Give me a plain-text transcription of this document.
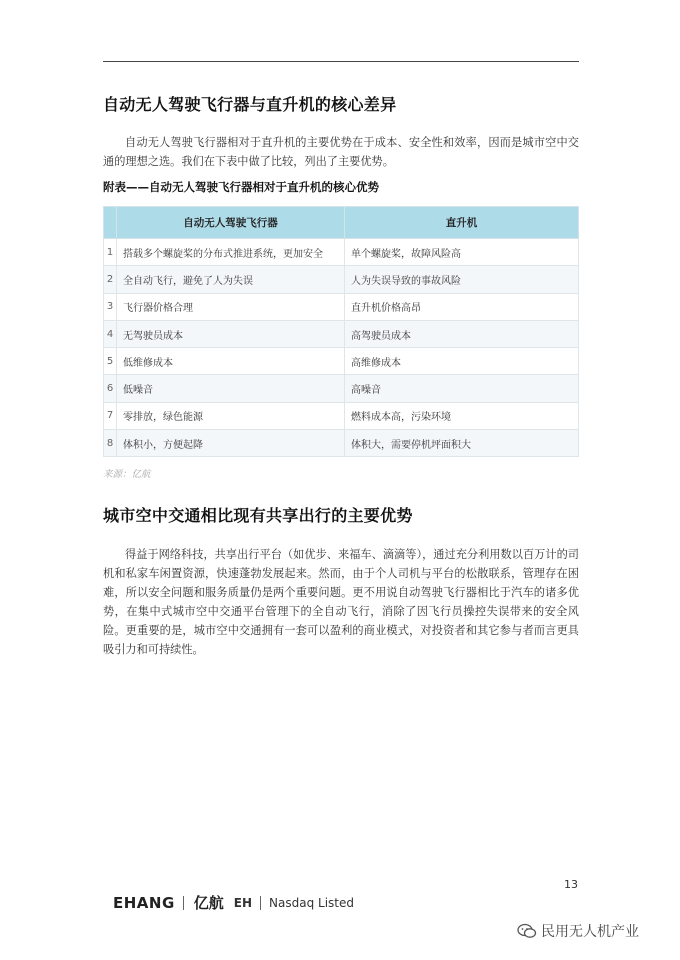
自动无人驾驶飞行器与直升机的核心差异
自动无人驾驶飞行器相对于直升机的主要优势在于成本、安全性和效率，因而是城市空中交通的理想之选。我们在下表中做了比较，列出了主要优势。
附表——自动无人驾驶飞行器相对于直升机的核心优势
	自动无人驾驶飞行器	直升机
1	搭载多个螺旋桨的分布式推进系统，更加安全	单个螺旋桨，故障风险高
2	全自动飞行，避免了人为失误	人为失误导致的事故风险
3	飞行器价格合理	直升机价格高昂
4	无驾驶员成本	高驾驶员成本
5	低维修成本	高维修成本
6	低噪音	高噪音
7	零排放，绿色能源	燃料成本高，污染环境
8	体积小，方便起降	体积大，需要停机坪面积大
来源：亿航
城市空中交通相比现有共享出行的主要优势
得益于网络科技，共享出行平台（如优步、来福车、滴滴等），通过充分利用数以百万计的司机和私家车闲置资源，快速蓬勃发展起来。然而，由于个人司机与平台的松散联系，管理存在困难，所以安全问题和服务质量仍是两个重要问题。更不用说自动驾驶飞行器相比于汽车的诸多优势，在集中式城市空中交通平台管理下的全自动飞行，消除了因飞行员操控失误带来的安全风险。更重要的是，城市空中交通拥有一套可以盈利的商业模式，对投资者和其它参与者而言更具吸引力和可持续性。
13
EHANG 亿航 EH Nasdaq Listed
民用无人机产业
